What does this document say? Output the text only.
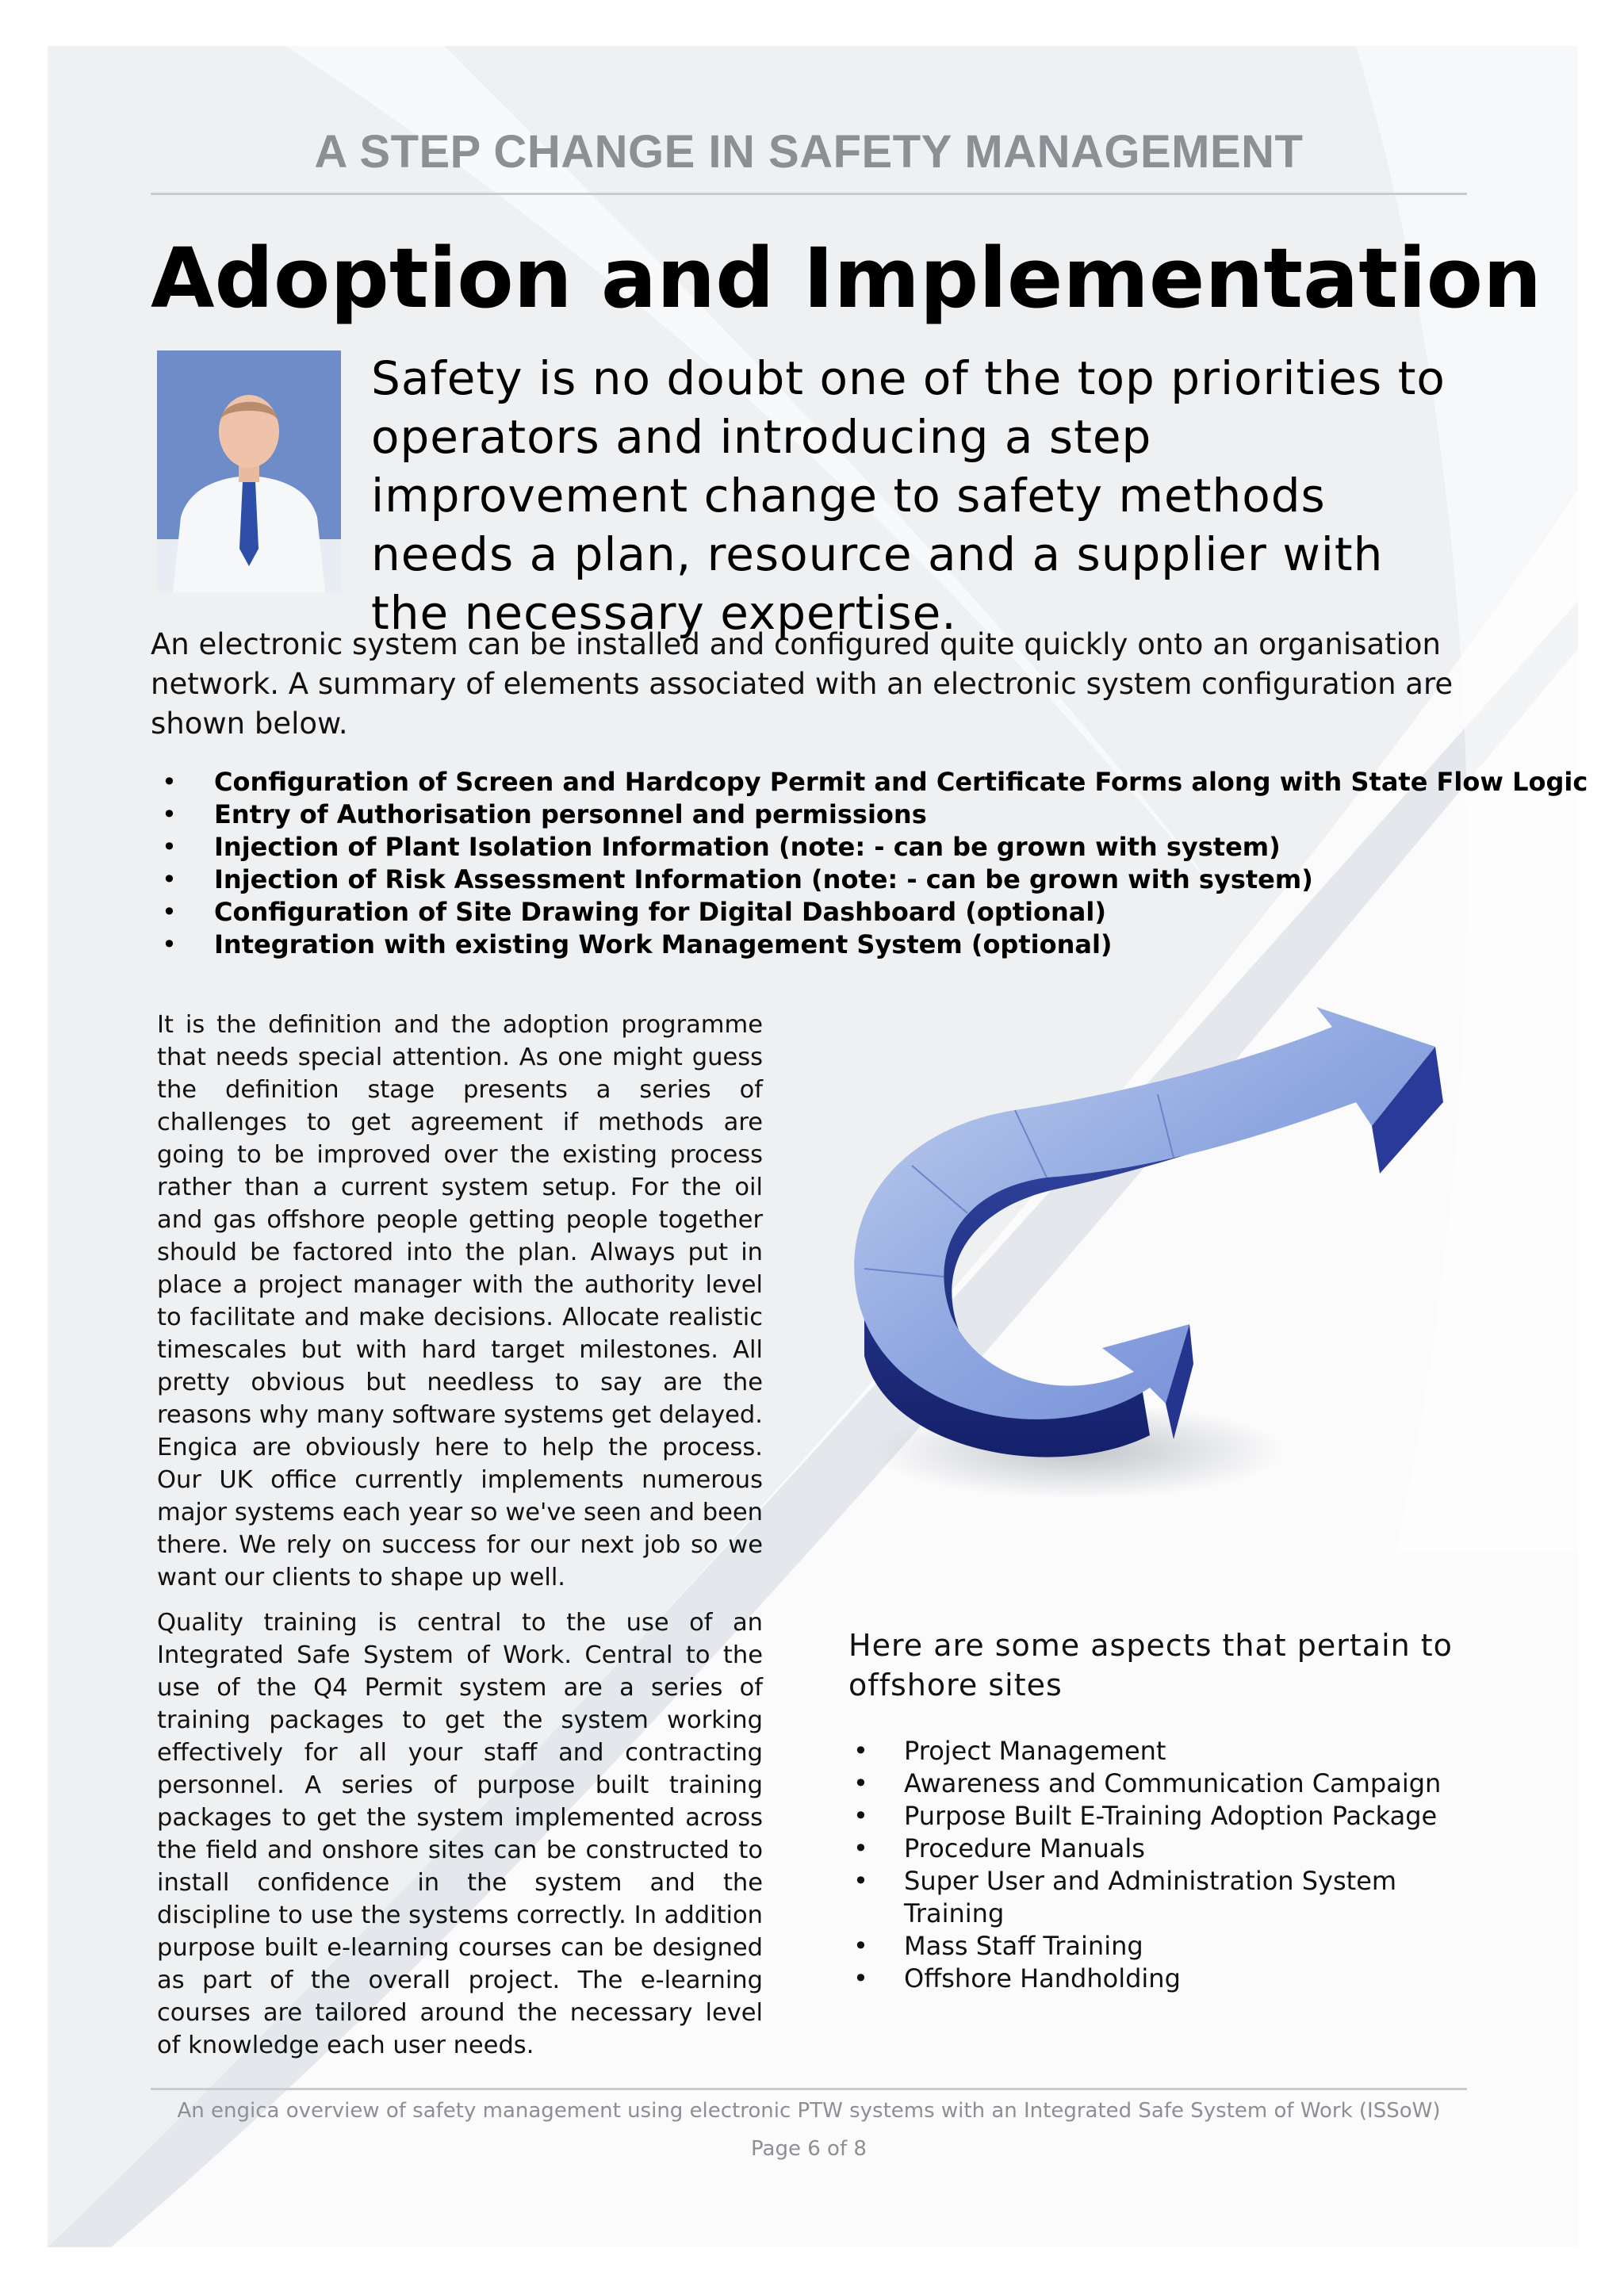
A STEP CHANGE IN SAFETY MANAGEMENT
Adoption and Implementation
Safety is no doubt one of the top priorities to operators and introducing a step improvement change to safety methods needs a plan, resource and a supplier with the necessary expertise.
An electronic system can be installed and configured quite quickly onto an organisation network. A summary of elements associated with an electronic system configuration are shown below.
• Configuration of Screen and Hardcopy Permit and Certificate Forms along with State Flow Logic
• Entry of Authorisation personnel and permissions
• Injection of Plant Isolation Information (note: - can be grown with system)
• Injection of Risk Assessment Information (note: - can be grown with system)
• Configuration of Site Drawing for Digital Dashboard (optional)
• Integration with existing Work Management System (optional)
It is the definition and the adoption programme that needs special attention. As one might guess the definition stage presents a series of challenges to get agreement if methods are going to be improved over the existing process rather than a current system setup. For the oil and gas offshore people getting people together should be factored into the plan. Always put in place a project manager with the authority level to facilitate and make decisions. Allocate realistic timescales but with hard target milestones. All pretty obvious but needless to say are the reasons why many software systems get delayed. Engica are obviously here to help the process. Our UK office currently implements numerous major systems each year so we've seen and been there. We rely on success for our next job so we want our clients to shape up well.
Quality training is central to the use of an Integrated Safe System of Work. Central to the use of the Q4 Permit system are a series of training packages to get the system working effectively for all your staff and contracting personnel. A series of purpose built training packages to get the system implemented across the field and onshore sites can be constructed to install confidence in the system and the discipline to use the systems correctly. In addition purpose built e-learning courses can be designed as part of the overall project. The e-learning courses are tailored around the necessary level of knowledge each user needs.
Here are some aspects that pertain to offshore sites
• Project Management
• Awareness and Communication Campaign
• Purpose Built E-Training Adoption Package
• Procedure Manuals
• Super User and Administration System Training
• Mass Staff Training
• Offshore Handholding
An engica overview of safety management using electronic PTW systems with an Integrated Safe System of Work (ISSoW)
Page 6 of 8
